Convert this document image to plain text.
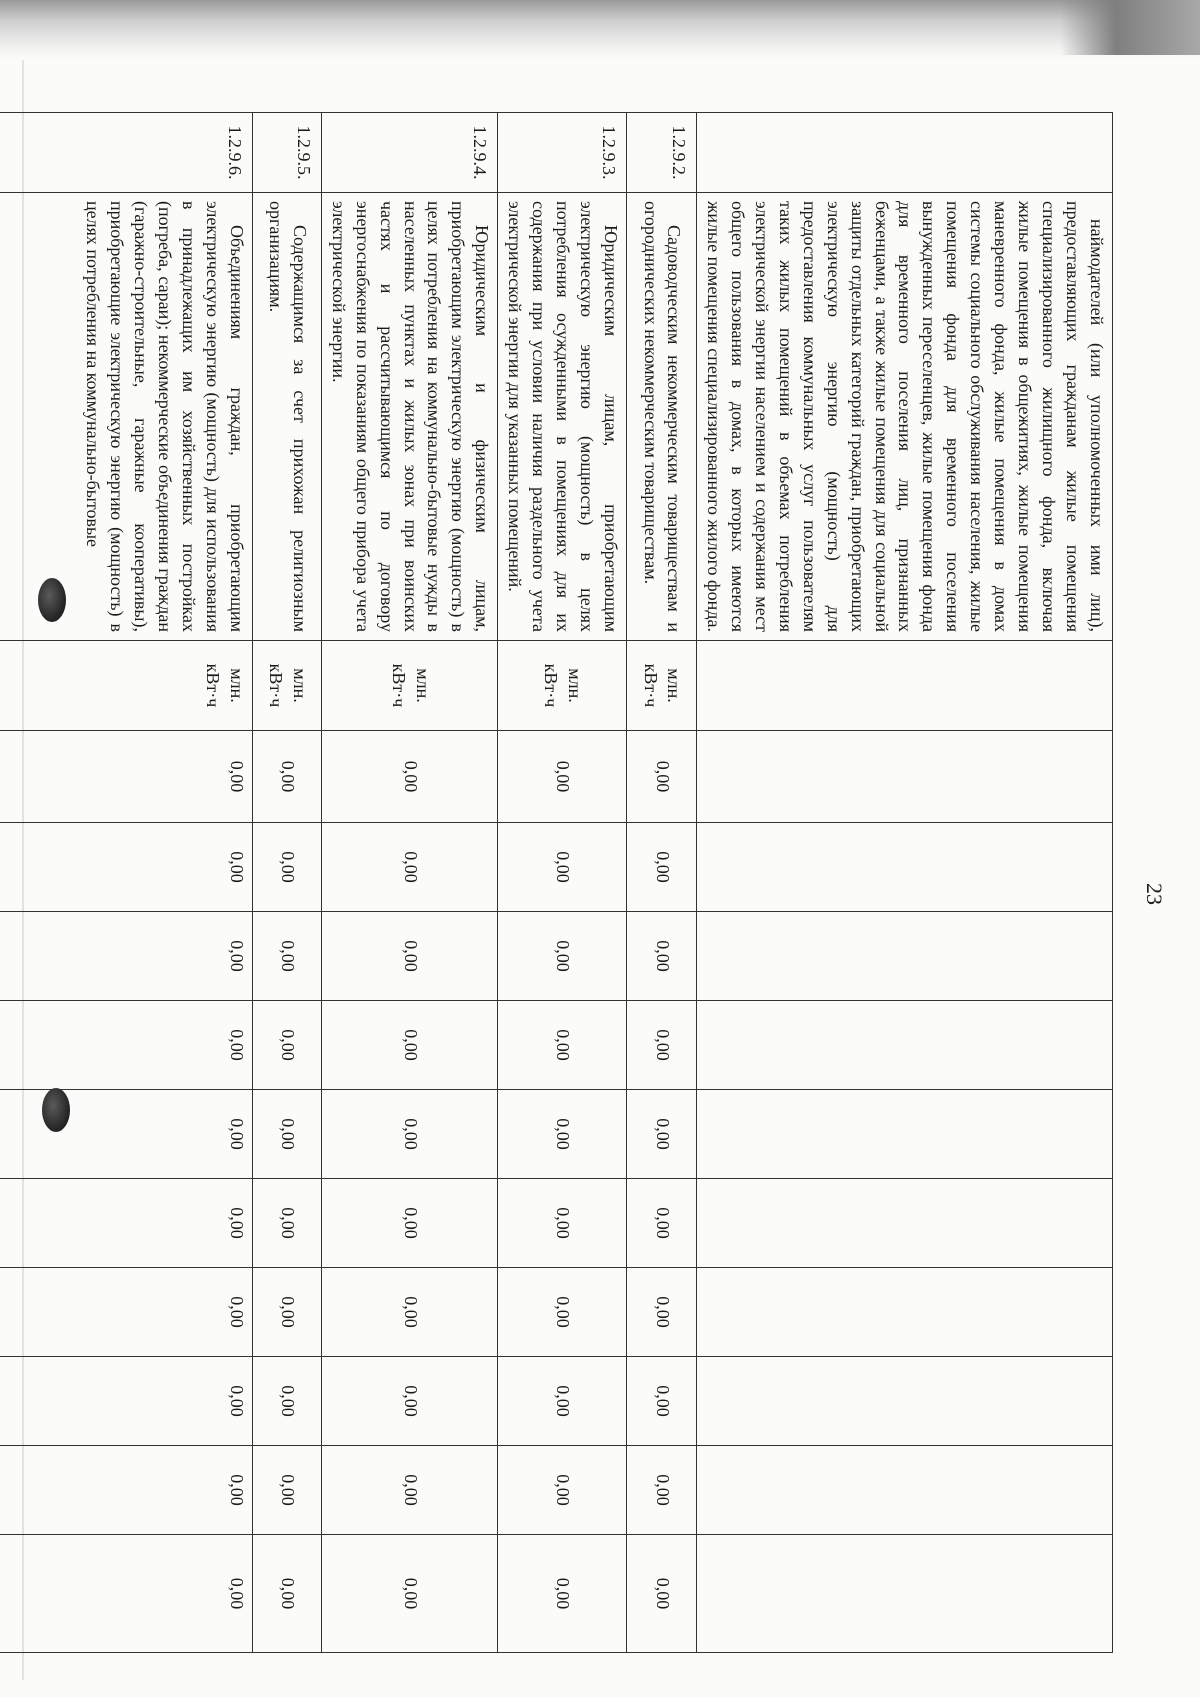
23

	наймодателей (или уполномоченных ими лиц), предоставляющих гражданам жилые помещения специализированного жилищного фонда, включая жилые помещения в общежитиях, жилые помещения маневренного фонда, жилые помещения в домах системы социального обслуживания населения, жилые помещения фонда для временного поселения вынужденных переселенцев, жилые помещения фонда для временного поселения лиц, признанных беженцами, а также жилые помещения для социальной защиты отдельных категорий граждан, приобретающих электрическую энергию (мощность) для предоставления коммунальных услуг пользователям таких жилых помещений в объемах потребления электрической энергии населением и содержания мест общего пользования в домах, в которых имеются жилые помещения специализированного жилого фонда.											

1.2.9.2.	Садоводческим некоммерческим товариществам и огороднических некоммерческим товариществам.	млн. кВт·ч	0,00	0,00	0,00	0,00	0,00	0,00	0,00	0,00	0,00	0,00
1.2.9.3.	Юридическим лицам, приобретающим электрическую энергию (мощность) в целях потребления осужденными в помещениях для их содержания при условии наличия раздельного учета электрической энергии для указанных помещений.	млн. кВт·ч	0,00	0,00	0,00	0,00	0,00	0,00	0,00	0,00	0,00	0,00
1.2.9.4.	Юридическим и физическим лицам, приобретающим электрическую энергию (мощность) в целях потребления на коммунально-бытовые нужды в населенных пунктах и жилых зонах при воинских частях и рассчитывающимся по договору энергоснабжения по показаниям общего прибора учета электрической энергии.	млн. кВт·ч	0,00	0,00	0,00	0,00	0,00	0,00	0,00	0,00	0,00	0,00
1.2.9.5.	Содержащимся за счет прихожан религиозным организациям.	млн. кВт·ч	0,00	0,00	0,00	0,00	0,00	0,00	0,00	0,00	0,00	0,00
1.2.9.6.	Объединениям граждан, приобретающим электрическую энергию (мощность) для использования в принадлежащих им хозяйственных постройках (погреба, сараи); некоммерческие объединения граждан (гаражно-строительные, гаражные кооперативы), приобретающие электрическую энергию (мощность) в целях потребления на коммунально-бытовые	млн. кВт·ч	0,00	0,00	0,00	0,00	0,00	0,00	0,00	0,00	0,00	0,00
